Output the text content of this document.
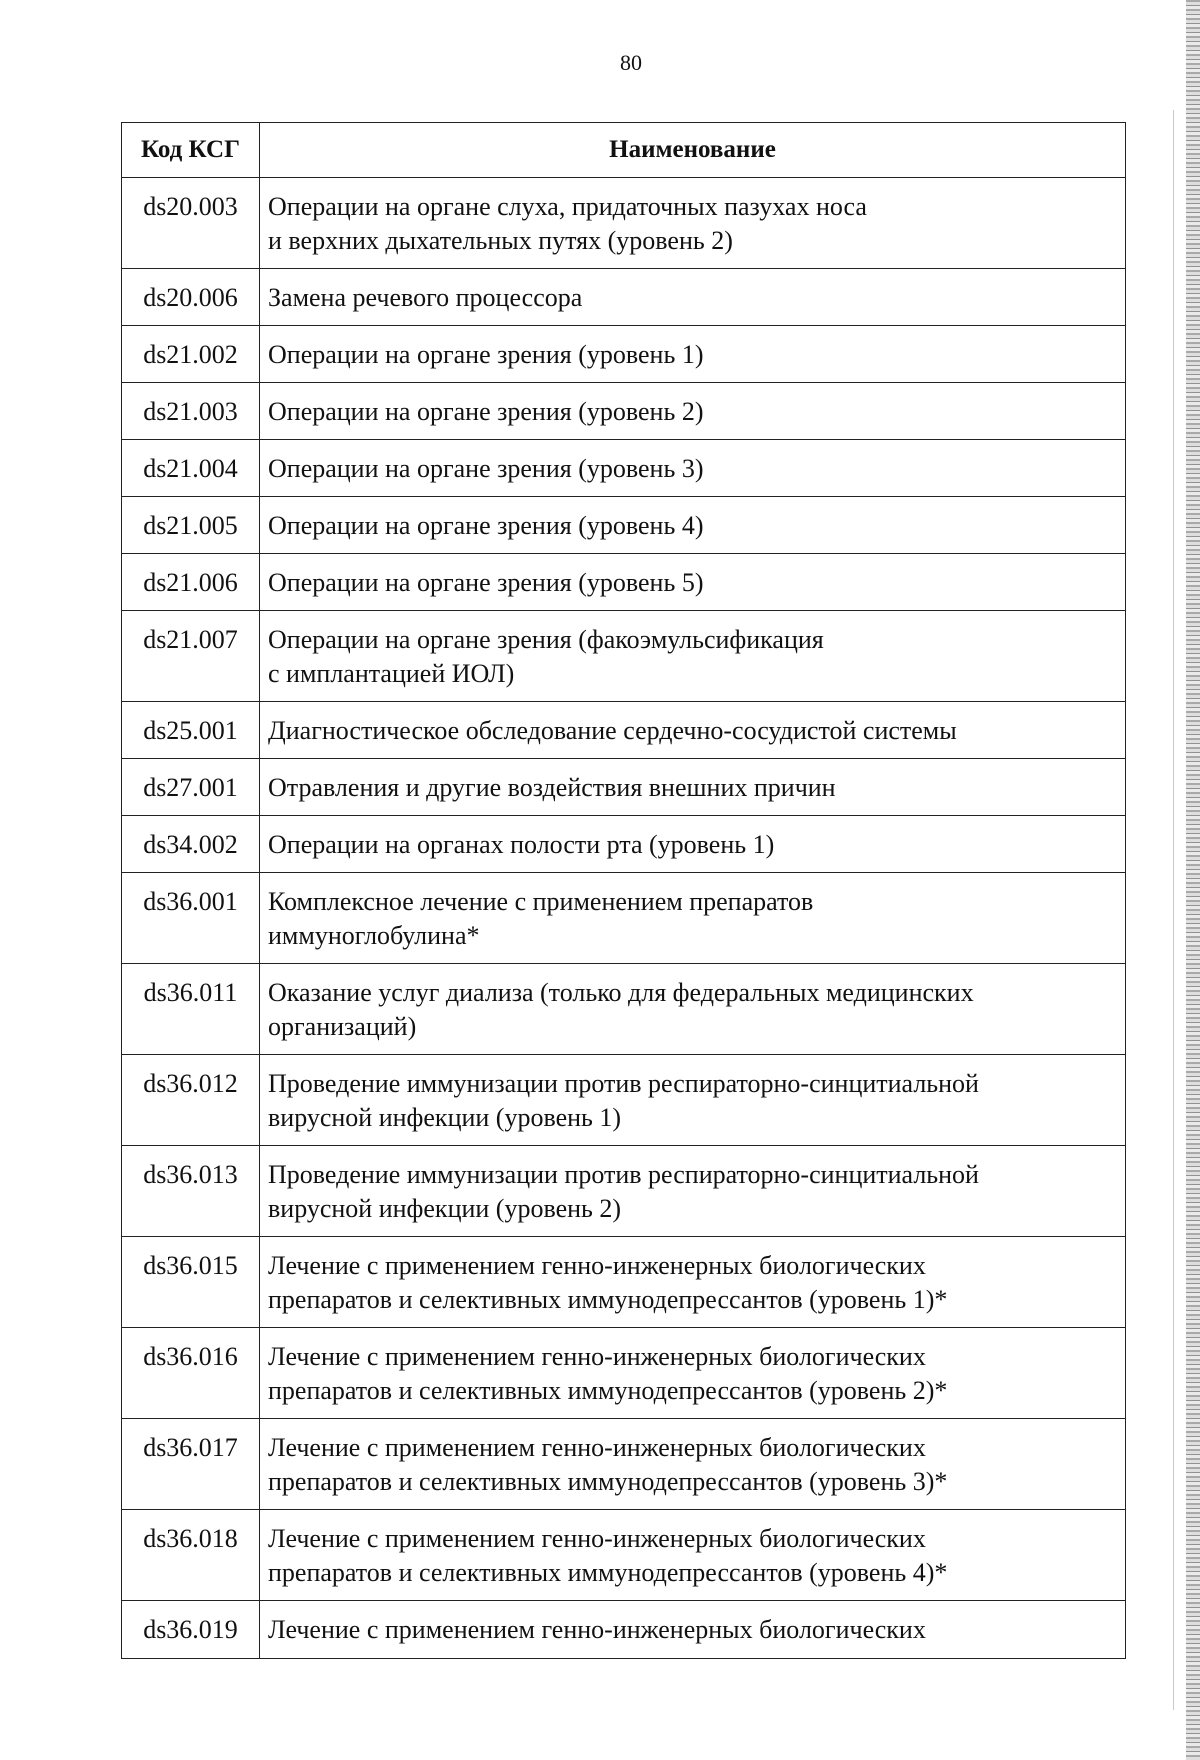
80
Код КСГ	Наименование
ds20.003	Операции на органе слуха, придаточных пазухах носа
и верхних дыхательных путях (уровень 2)
ds20.006	Замена речевого процессора
ds21.002	Операции на органе зрения (уровень 1)
ds21.003	Операции на органе зрения (уровень 2)
ds21.004	Операции на органе зрения (уровень 3)
ds21.005	Операции на органе зрения (уровень 4)
ds21.006	Операции на органе зрения (уровень 5)
ds21.007	Операции на органе зрения (факоэмульсификация
с имплантацией ИОЛ)
ds25.001	Диагностическое обследование сердечно-сосудистой системы
ds27.001	Отравления и другие воздействия внешних причин
ds34.002	Операции на органах полости рта (уровень 1)
ds36.001	Комплексное лечение с применением препаратов
иммуноглобулина*
ds36.011	Оказание услуг диализа (только для федеральных медицинских
организаций)
ds36.012	Проведение иммунизации против респираторно-синцитиальной
вирусной инфекции (уровень 1)
ds36.013	Проведение иммунизации против респираторно-синцитиальной
вирусной инфекции (уровень 2)
ds36.015	Лечение с применением генно-инженерных биологических
препаратов и селективных иммунодепрессантов (уровень 1)*
ds36.016	Лечение с применением генно-инженерных биологических
препаратов и селективных иммунодепрессантов (уровень 2)*
ds36.017	Лечение с применением генно-инженерных биологических
препаратов и селективных иммунодепрессантов (уровень 3)*
ds36.018	Лечение с применением генно-инженерных биологических
препаратов и селективных иммунодепрессантов (уровень 4)*
ds36.019	Лечение с применением генно-инженерных биологических
